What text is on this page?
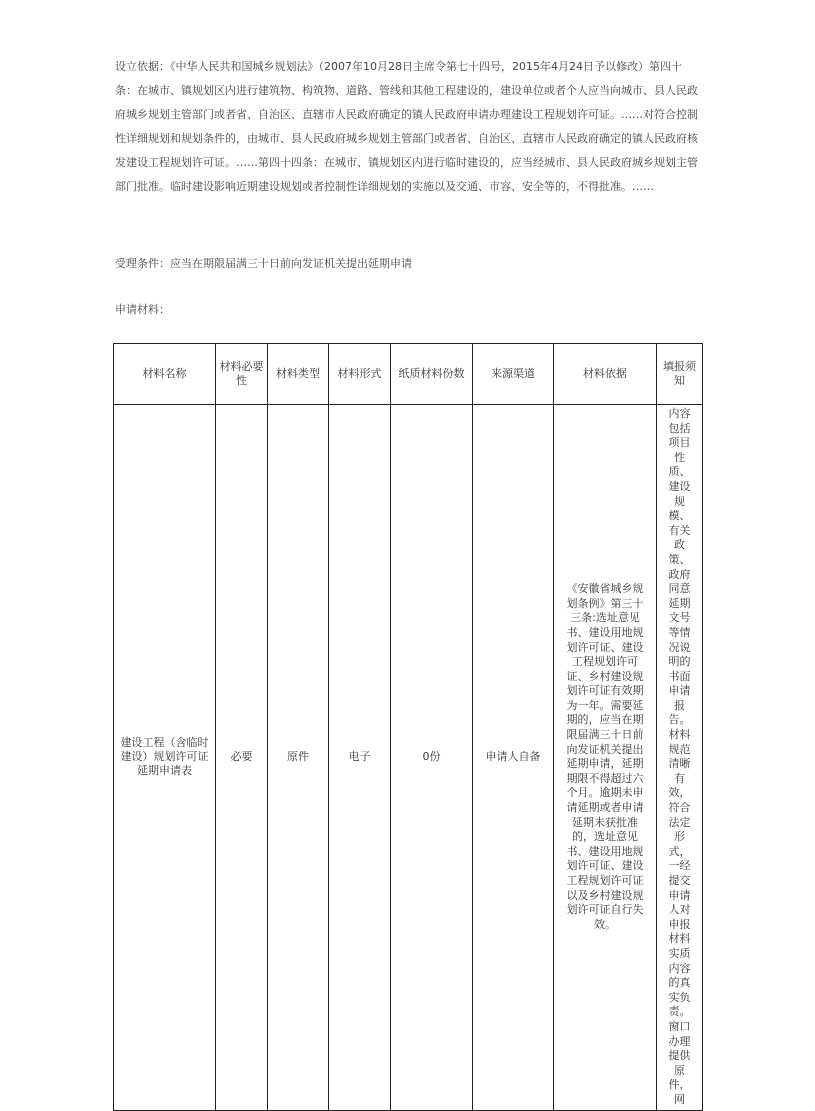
设立依据：《中华人民共和国城乡规划法》（2007年10月28日主席令第七十四号，2015年4月24日予以修改）第四十条：在城市、镇规划区内进行建筑物、构筑物、道路、管线和其他工程建设的，建设单位或者个人应当向城市、县人民政府城乡规划主管部门或者省、自治区、直辖市人民政府确定的镇人民政府申请办理建设工程规划许可证。……对符合控制性详细规划和规划条件的，由城市、县人民政府城乡规划主管部门或者省、自治区、直辖市人民政府确定的镇人民政府核发建设工程规划许可证。……第四十四条：在城市、镇规划区内进行临时建设的，应当经城市、县人民政府城乡规划主管部门批准。临时建设影响近期建设规划或者控制性详细规划的实施以及交通、市容、安全等的，不得批准。……

受理条件：应当在期限届满三十日前向发证机关提出延期申请

申请材料：

材料名称	材料必要性	材料类型	材料形式	纸质材料份数	来源渠道	材料依据	填报须知
建设工程（含临时建设）规划许可证延期申请表	必要	原件	电子	0份	申请人自备	《安徽省城乡规划条例》第三十三条:选址意见书、建设用地规划许可证、建设工程规划许可证、乡村建设规划许可证有效期为一年。需要延期的，应当在期限届满三十日前向发证机关提出延期申请，延期期限不得超过六个月。逾期未申请延期或者申请延期未获批准的，选址意见书、建设用地规划许可证、建设工程规划许可证以及乡村建设规划许可证自行失效。	内容包括项目性质、建设规模、有关政策、政府同意延期文号等情况说明的书面申请报告。材料规范清晰有效，符合法定形式，一经提交申请人对申报材料实质内容的真实负责。窗口办理提供原件，网
